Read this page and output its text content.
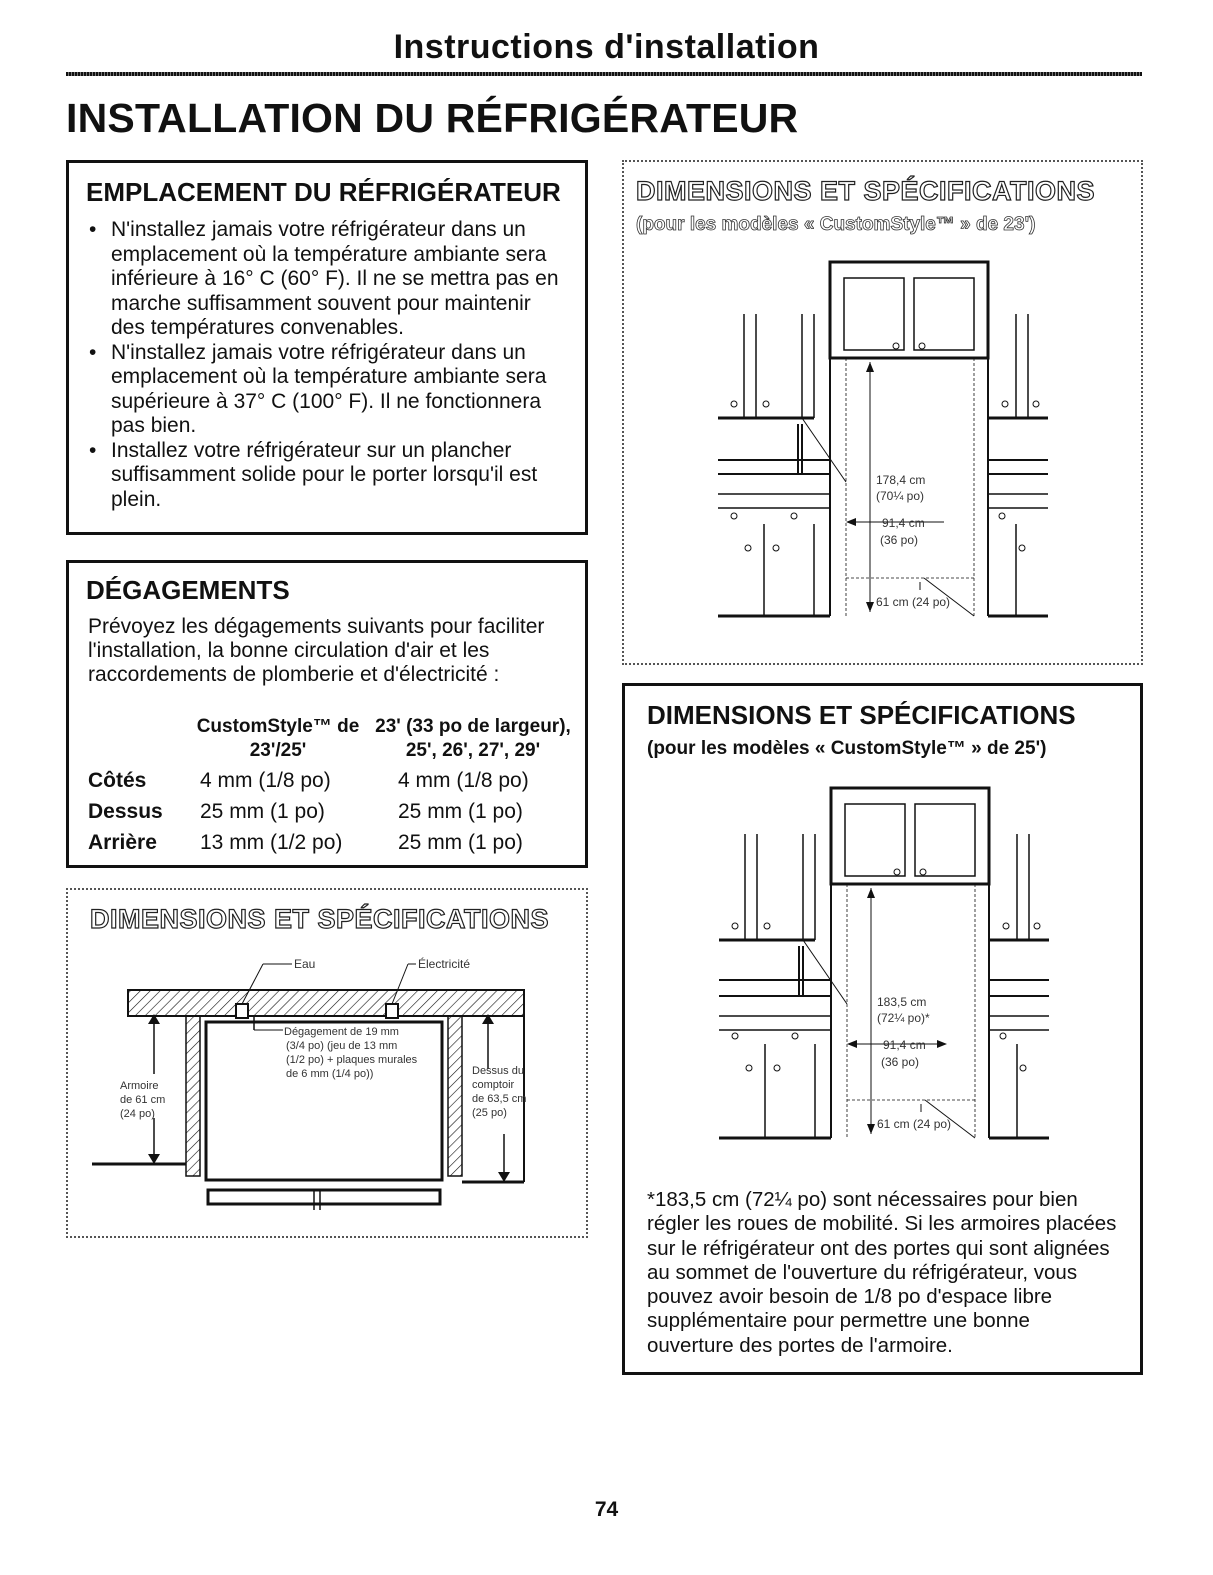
Instructions d'installation
INSTALLATION DU RÉFRIGÉRATEUR
EMPLACEMENT DU RÉFRIGÉRATEUR
• N'installez jamais votre réfrigérateur dans un emplacement où la température ambiante sera inférieure à 16° C (60° F). Il ne se mettra pas en marche suffisamment souvent pour maintenir des températures convenables.
• N'installez jamais votre réfrigérateur dans un emplacement où la température ambiante sera supérieure à 37° C (100° F). Il ne fonctionnera pas bien.
• Installez votre réfrigérateur sur un plancher suffisamment solide pour le porter lorsqu'il est plein.
DÉGAGEMENTS
Prévoyez les dégagements suivants pour faciliter l'installation, la bonne circulation d'air et les raccordements de plomberie et d'électricité :
	CustomStyle™ de 23'/25'	23' (33 po de largeur), 25', 26', 27', 29'
Côtés	4 mm (1/8 po)	4 mm (1/8 po)
Dessus	25 mm (1 po)	25 mm (1 po)
Arrière	13 mm (1/2 po)	25 mm (1 po)
DIMENSIONS ET SPÉCIFICATIONS
Eau	Électricité
Dégagement de 19 mm
(3/4 po) (jeu de 13 mm
(1/2 po) + plaques murales
de 6 mm (1/4 po))
Armoire
de 61 cm
(24 po)
Dessus du
comptoir
de 63,5 cm
(25 po)
DIMENSIONS ET SPÉCIFICATIONS
(pour les modèles « CustomStyle™ » de 23')
178,4 cm
(70¼ po)
91,4 cm
(36 po)
61 cm (24 po)
DIMENSIONS ET SPÉCIFICATIONS
(pour les modèles « CustomStyle™ » de 25')
183,5 cm
(72¼ po)*
91,4 cm
(36 po)
61 cm (24 po)
*183,5 cm (72¼ po) sont nécessaires pour bien régler les roues de mobilité. Si les armoires placées sur le réfrigérateur ont des portes qui sont alignées au sommet de l'ouverture du réfrigérateur, vous pouvez avoir besoin de 1/8 po d'espace libre supplémentaire pour permettre une bonne ouverture des portes de l'armoire.
74
